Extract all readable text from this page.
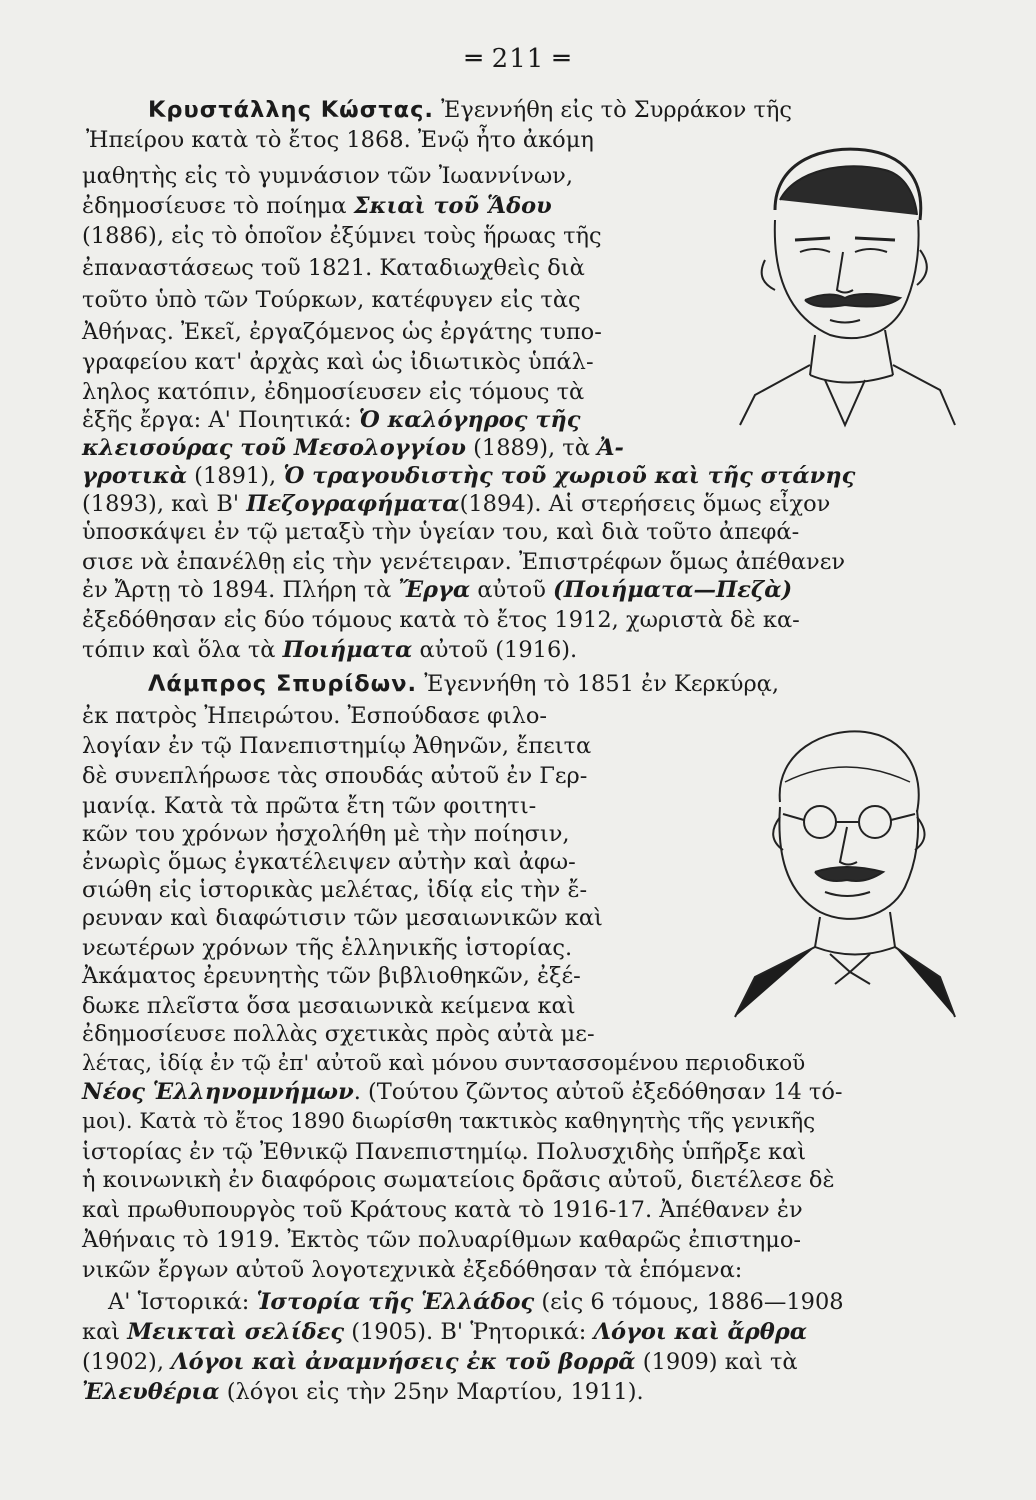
═ 211 ═
Κρυστάλλης Κώστας. Ἐγεννήθη εἰς τὸ Συρράκον τῆς
Ἠπείρου κατὰ τὸ ἔτος 1868. Ἐνῷ ἦτο ἀκόμη
μαθητὴς εἰς τὸ γυμνάσιον τῶν Ἰωαννίνων,
ἐδημοσίευσε τὸ ποίημα Σκιαὶ τοῦ Ἅδου
(1886), εἰς τὸ ὁποῖον ἐξύμνει τοὺς ἥρωας τῆς
ἐπαναστάσεως τοῦ 1821. Καταδιωχθεὶς διὰ
τοῦτο ὑπὸ τῶν Τούρκων, κατέφυγεν εἰς τὰς
Ἀθήνας. Ἐκεῖ, ἐργαζόμενος ὡς ἐργάτης τυπο-
γραφείου κατ' ἀρχὰς καὶ ὡς ἰδιωτικὸς ὑπάλ-
ληλος κατόπιν, ἐδημοσίευσεν εἰς τόμους τὰ
ἑξῆς ἔργα: Α' Ποιητικά: Ὁ καλόγηρος τῆς
κλεισούρας τοῦ Μεσολογγίου (1889), τὰ Ἀ-
γροτικὰ (1891), Ὁ τραγουδιστὴς τοῦ χωριοῦ καὶ τῆς στάνης
(1893), καὶ Β' Πεζογραφήματα(1894). Αἱ στερήσεις ὅμως εἶχον
ὑποσκάψει ἐν τῷ μεταξὺ τὴν ὑγείαν του, καὶ διὰ τοῦτο ἀπεφά-
σισε νὰ ἐπανέλθῃ εἰς τὴν γενέτειραν. Ἐπιστρέφων ὅμως ἀπέθανεν
ἐν Ἄρτῃ τὸ 1894. Πλήρη τὰ Ἔργα αὐτοῦ (Ποιήματα—Πεζὰ)
ἐξεδόθησαν εἰς δύο τόμους κατὰ τὸ ἔτος 1912, χωριστὰ δὲ κα-
τόπιν καὶ ὅλα τὰ Ποιήματα αὐτοῦ (1916).
Λάμπρος Σπυρίδων. Ἐγεννήθη τὸ 1851 ἐν Κερκύρᾳ,
ἐκ πατρὸς Ἠπειρώτου. Ἐσπούδασε φιλο-
λογίαν ἐν τῷ Πανεπιστημίῳ Ἀθηνῶν, ἔπειτα
δὲ συνεπλήρωσε τὰς σπουδάς αὐτοῦ ἐν Γερ-
μανίᾳ. Κατὰ τὰ πρῶτα ἔτη τῶν φοιτητι-
κῶν του χρόνων ἠσχολήθη μὲ τὴν ποίησιν,
ἐνωρὶς ὅμως ἐγκατέλειψεν αὐτὴν καὶ ἀφω-
σιώθη εἰς ἱστορικὰς μελέτας, ἰδίᾳ εἰς τὴν ἔ-
ρευναν καὶ διαφώτισιν τῶν μεσαιωνικῶν καὶ
νεωτέρων χρόνων τῆς ἑλληνικῆς ἱστορίας.
Ἀκάματος ἐρευνητὴς τῶν βιβλιοθηκῶν, ἐξέ-
δωκε πλεῖστα ὅσα μεσαιωνικὰ κείμενα καὶ
ἐδημοσίευσε πολλὰς σχετικὰς πρὸς αὐτὰ με-
λέτας, ἰδίᾳ ἐν τῷ ἐπ' αὐτοῦ καὶ μόνου συντασσομένου περιοδικοῦ
Νέος Ἑλληνομνήμων. (Τούτου ζῶντος αὐτοῦ ἐξεδόθησαν 14 τό-
μοι). Κατὰ τὸ ἔτος 1890 διωρίσθη τακτικὸς καθηγητὴς τῆς γενικῆς
ἱστορίας ἐν τῷ Ἐθνικῷ Πανεπιστημίῳ. Πολυσχιδὴς ὑπῆρξε καὶ
ἡ κοινωνικὴ ἐν διαφόροις σωματείοις δρᾶσις αὐτοῦ, διετέλεσε δὲ
καὶ πρωθυπουργὸς τοῦ Κράτους κατὰ τὸ 1916-17. Ἀπέθανεν ἐν
Ἀθήναις τὸ 1919. Ἐκτὸς τῶν πολυαρίθμων καθαρῶς ἐπιστημο-
νικῶν ἔργων αὐτοῦ λογοτεχνικὰ ἐξεδόθησαν τὰ ἑπόμενα:
Α' Ἱστορικά: Ἱστορία τῆς Ἑλλάδος (εἰς 6 τόμους, 1886—1908
καὶ Μεικταὶ σελίδες (1905). Β' Ῥητορικά: Λόγοι καὶ ἄρθρα
(1902), Λόγοι καὶ ἀναμνήσεις ἐκ τοῦ βορρᾶ (1909) καὶ τὰ
Ἐλευθέρια (λόγοι εἰς τὴν 25ην Μαρτίου, 1911).
